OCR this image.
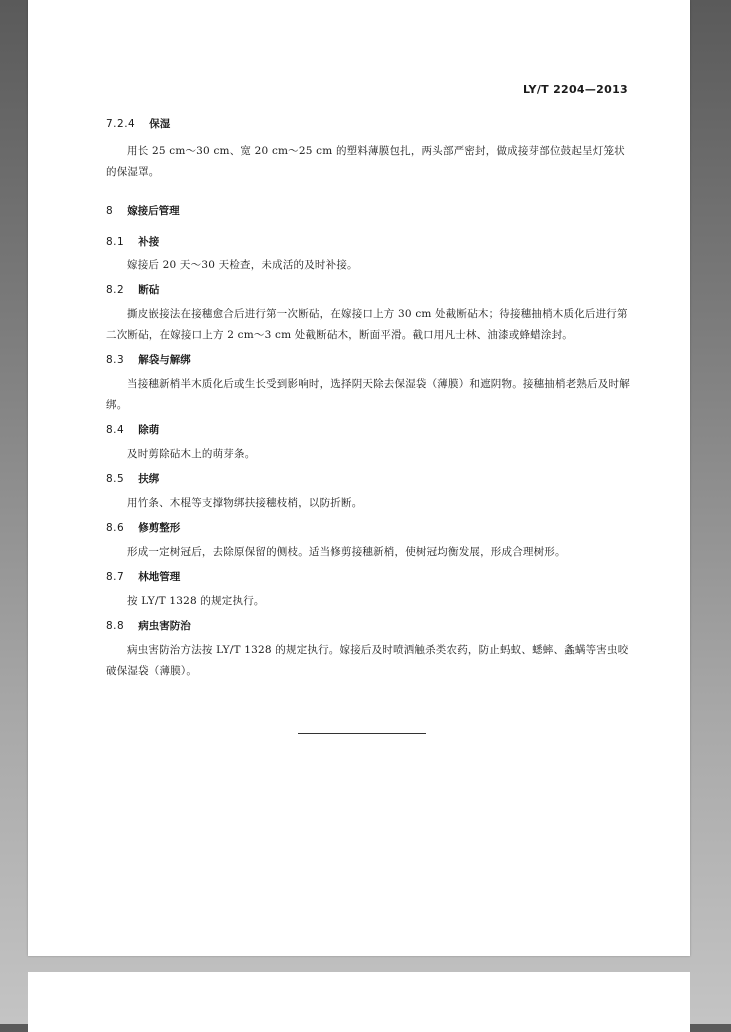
LY/T 2204—2013

7.2.4 保湿

用长 25 cm～30 cm、宽 20 cm～25 cm 的塑料薄膜包扎，两头部严密封，做成接芽部位鼓起呈灯笼状的保湿罩。

8 嫁接后管理

8.1 补接

嫁接后 20 天～30 天检查，未成活的及时补接。

8.2 断砧

撕皮嵌接法在接穗愈合后进行第一次断砧，在嫁接口上方 30 cm 处截断砧木；待接穗抽梢木质化后进行第二次断砧，在嫁接口上方 2 cm～3 cm 处截断砧木，断面平滑。截口用凡士林、油漆或蜂蜡涂封。

8.3 解袋与解绑

当接穗新梢半木质化后或生长受到影响时，选择阴天除去保湿袋（薄膜）和遮阴物。接穗抽梢老熟后及时解绑。

8.4 除萌

及时剪除砧木上的萌芽条。

8.5 扶绑

用竹条、木棍等支撑物绑扶接穗枝梢，以防折断。

8.6 修剪整形

形成一定树冠后，去除原保留的侧枝。适当修剪接穗新梢，使树冠均衡发展，形成合理树形。

8.7 林地管理

按 LY/T 1328 的规定执行。

8.8 病虫害防治

病虫害防治方法按 LY/T 1328 的规定执行。嫁接后及时喷洒触杀类农药，防止蚂蚁、蟋蟀、螽螨等害虫咬破保湿袋（薄膜）。
